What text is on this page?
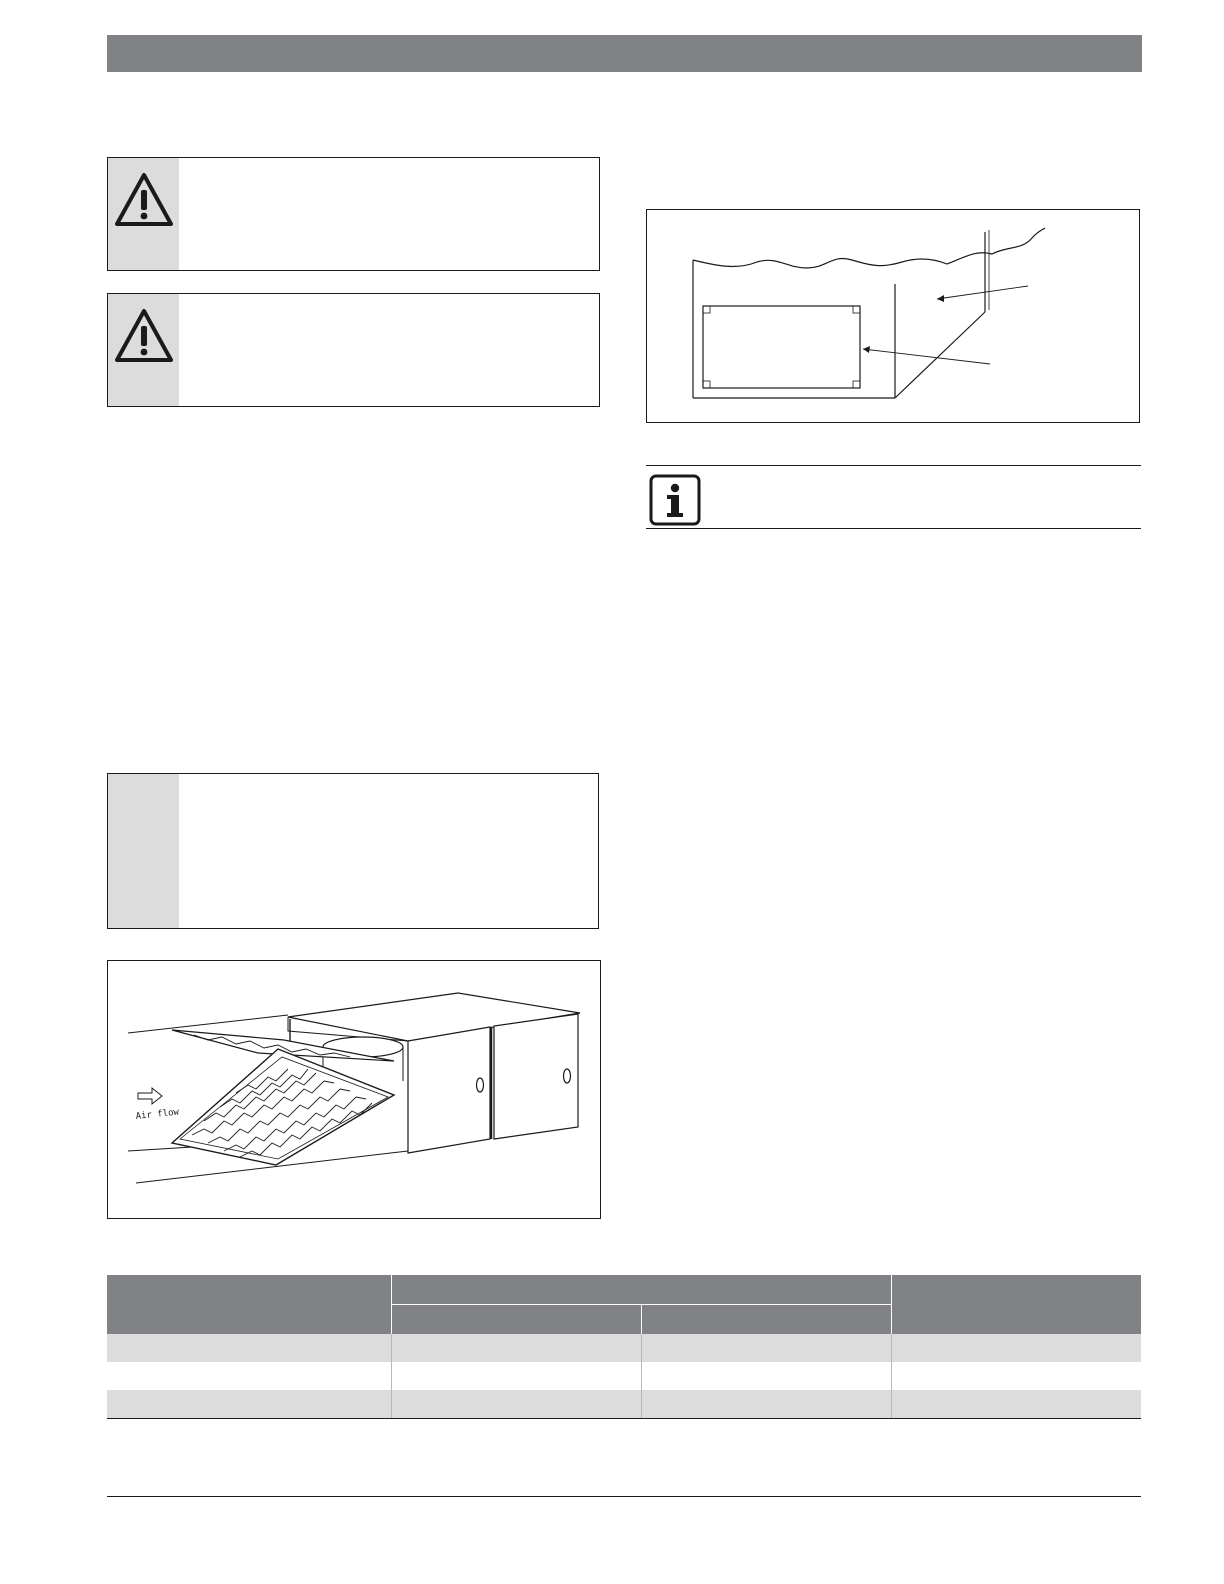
Air flow
